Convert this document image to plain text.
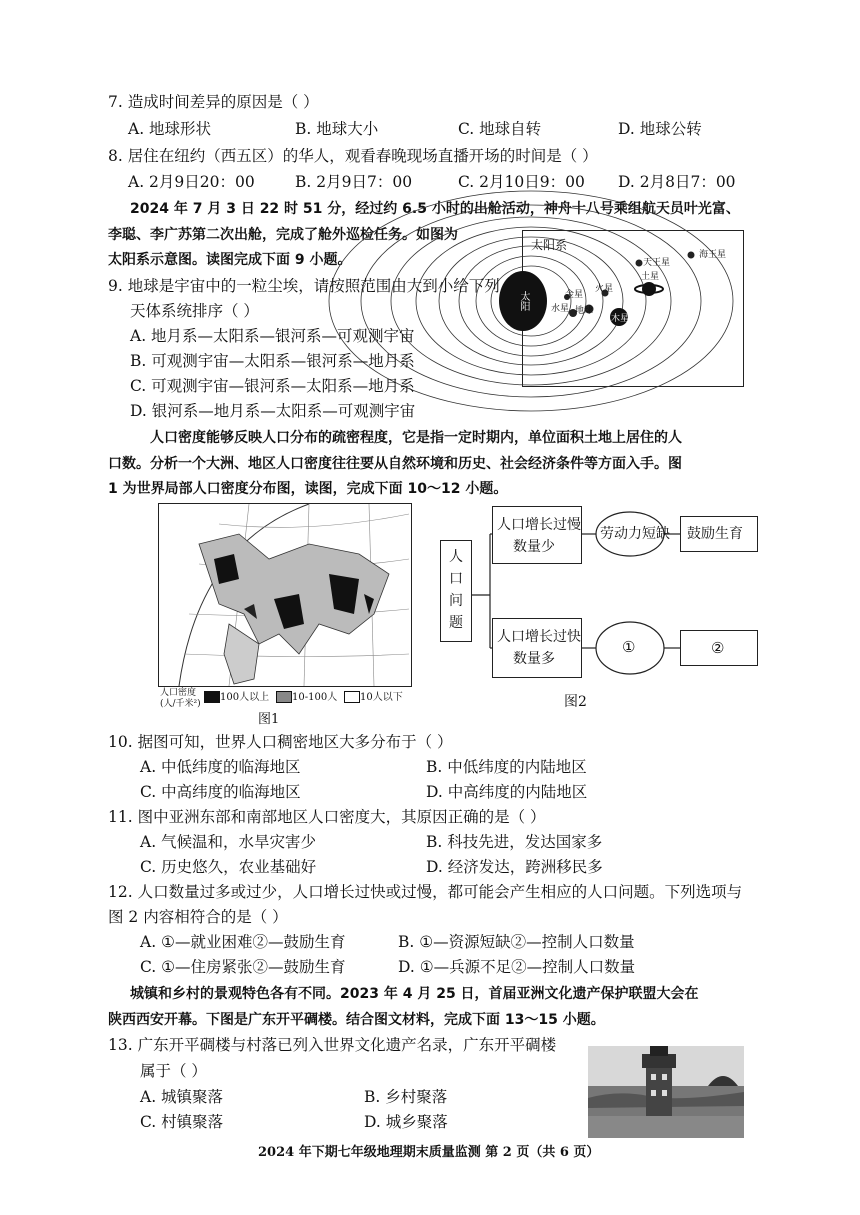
7. 造成时间差异的原因是（ ）
A. 地球形状	B. 地球大小	C. 地球自转	D. 地球公转
8. 居住在纽约（西五区）的华人，观看春晚现场直播开场的时间是（ ）
A. 2月9日20：00	B. 2月9日7：00	C. 2月10日9：00 D. 2月8日7：00
2024 年 7 月 3 日 22 时 51 分，经过约 6.5 小时的出舱活动，神舟十八号乘组航天员叶光富、
李聪、李广苏第二次出舱，完成了舱外巡检任务。如图为
太阳系示意图。读图完成下面 9 小题。
太阳系
太阳 水星
金星
地球
火星
木星
土星
天王星
海王星
9. 地球是宇宙中的一粒尘埃，请按照范围由大到小给下列
天体系统排序（ ）
A. 地月系—太阳系—银河系—可观测宇宙
B. 可观测宇宙—太阳系—银河系—地月系
C. 可观测宇宙—银河系—太阳系—地月系
D. 银河系—地月系—太阳系—可观测宇宙
人口密度能够反映人口分布的疏密程度，它是指一定时期内，单位面积土地上居住的人
口数。分析一个大洲、地区人口密度往往要从自然环境和历史、社会经济条件等方面入手。图
1 为世界局部人口密度分布图，读图，完成下面 10～12 小题。
人口密度
(人/千米²)
100人以上 10-100人 10人以下
图1
人
口
问
题
人口增长过慢
数量少
劳动力短缺 鼓励生育
人口增长过快
数量多
①	②
图2
10. 据图可知，世界人口稠密地区大多分布于（ ）
A. 中低纬度的临海地区	B. 中低纬度的内陆地区
C. 中高纬度的临海地区	D. 中高纬度的内陆地区
11. 图中亚洲东部和南部地区人口密度大，其原因正确的是（ ）
A. 气候温和，水旱灾害少	B. 科技先进，发达国家多
C. 历史悠久，农业基础好	D. 经济发达，跨洲移民多
12. 人口数量过多或过少，人口增长过快或过慢，都可能会产生相应的人口问题。下列选项与
图 2 内容相符合的是（ ）
A. ①—就业困难②—鼓励生育	B. ①—资源短缺②—控制人口数量
C. ①—住房紧张②—鼓励生育	D. ①—兵源不足②—控制人口数量
城镇和乡村的景观特色各有不同。2023 年 4 月 25 日，首届亚洲文化遗产保护联盟大会在
陕西西安开幕。下图是广东开平碉楼。结合图文材料，完成下面 13～15 小题。
13. 广东开平碉楼与村落已列入世界文化遗产名录，广东开平碉楼
属于（ ）
A. 城镇聚落	B. 乡村聚落
C. 村镇聚落	D. 城乡聚落
2024 年下期七年级地理期末质量监测 第 2 页（共 6 页）
